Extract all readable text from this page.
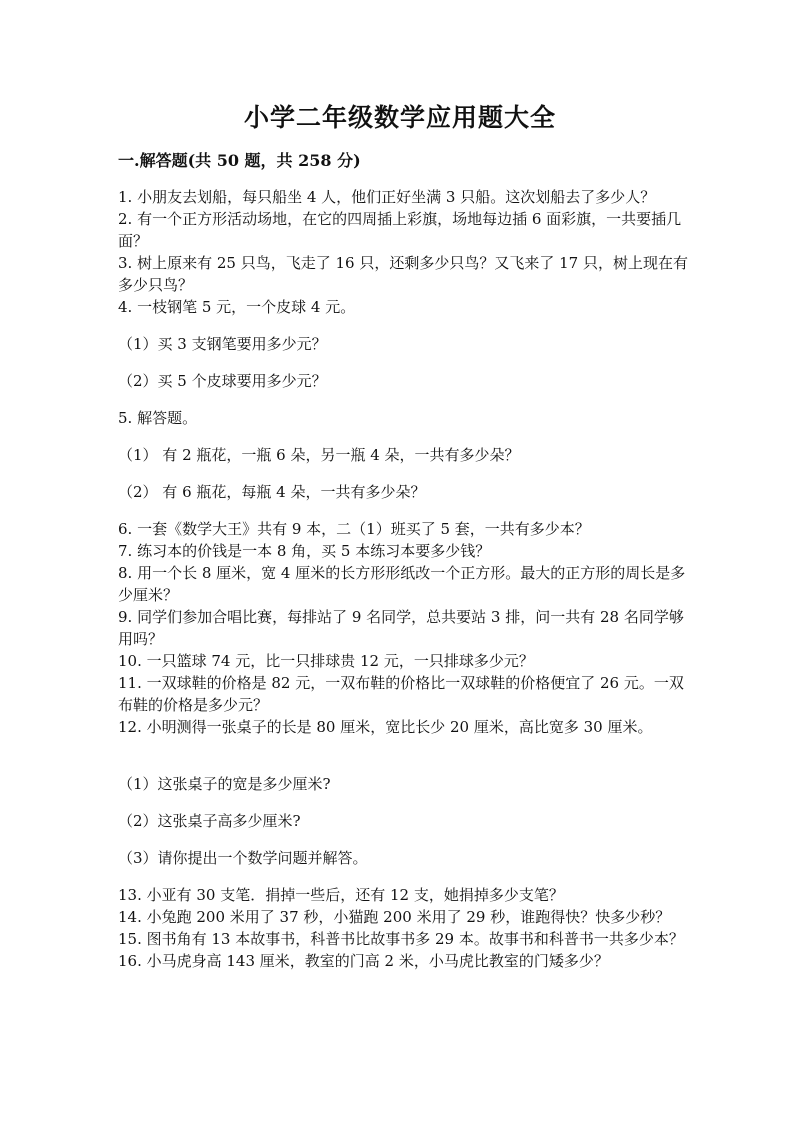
小学二年级数学应用题大全
一.解答题(共 50 题，共 258 分)

1. 小朋友去划船，每只船坐 4 人，他们正好坐满 3 只船。这次划船去了多少人？

2. 有一个正方形活动场地，在它的四周插上彩旗，场地每边插 6 面彩旗，一共要插几面？

3. 树上原来有 25 只鸟，飞走了 16 只，还剩多少只鸟？又飞来了 17 只，树上现在有多少只鸟？

4. 一枝钢笔 5 元，一个皮球 4 元。

（1）买 3 支钢笔要用多少元？

（2）买 5 个皮球要用多少元？

5. 解答题。

（1） 有 2 瓶花，一瓶 6 朵，另一瓶 4 朵，一共有多少朵？

（2） 有 6 瓶花，每瓶 4 朵，一共有多少朵？

6. 一套《数学大王》共有 9 本，二（1）班买了 5 套，一共有多少本？

7. 练习本的价钱是一本 8 角，买 5 本练习本要多少钱？

8. 用一个长 8 厘米，宽 4 厘米的长方形形纸改一个正方形。最大的正方形的周长是多少厘米？

9. 同学们参加合唱比赛，每排站了 9 名同学，总共要站 3 排，问一共有 28 名同学够用吗？

10. 一只篮球 74 元，比一只排球贵 12 元，一只排球多少元？

11. 一双球鞋的价格是 82 元，一双布鞋的价格比一双球鞋的价格便宜了 26 元。一双布鞋的价格是多少元？

12. 小明测得一张桌子的长是 80 厘米，宽比长少 20 厘米，高比宽多 30 厘米。

（1）这张桌子的宽是多少厘米?

（2）这张桌子高多少厘米?

（3）请你提出一个数学问题并解答。

13. 小亚有 30 支笔．捐掉一些后，还有 12 支，她捐掉多少支笔？

14. 小兔跑 200 米用了 37 秒，小猫跑 200 米用了 29 秒，谁跑得快？快多少秒？

15. 图书角有 13 本故事书，科普书比故事书多 29 本。故事书和科普书一共多少本？

16. 小马虎身高 143 厘米，教室的门高 2 米，小马虎比教室的门矮多少？
